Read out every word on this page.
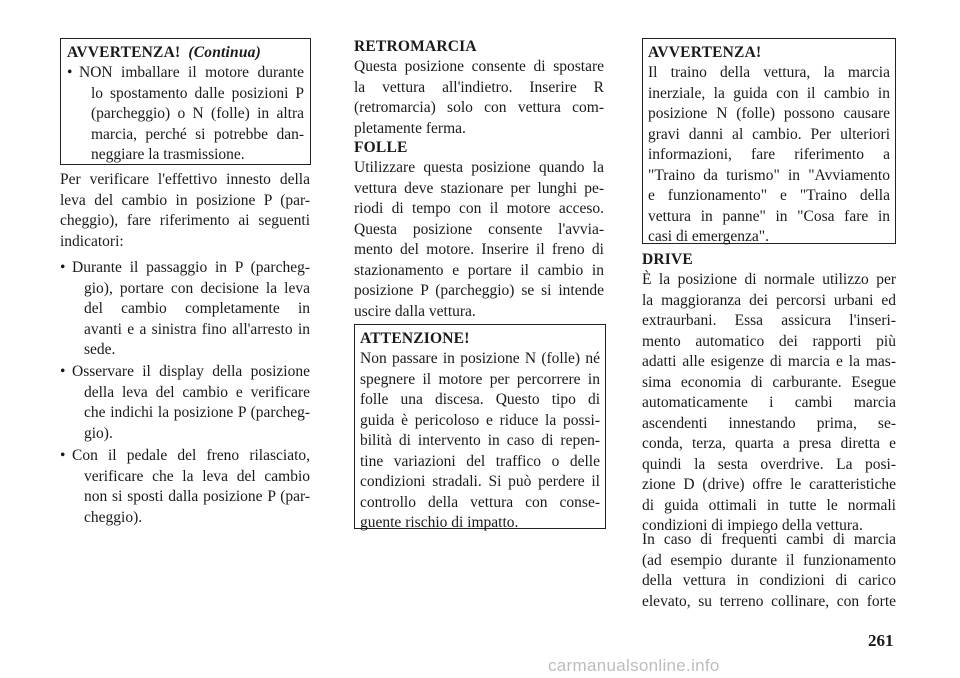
AVVERTENZA! (Continua)
• NON imballare il motore durante
lo spostamento dalle posizioni P
(parcheggio) o N (folle) in altra
marcia, perché si potrebbe dan-
neggiare la trasmissione.
Per verificare l'effettivo innesto della
leva del cambio in posizione P (par-
cheggio), fare riferimento ai seguenti
indicatori:
• Durante il passaggio in P (parcheg-
gio), portare con decisione la leva
del cambio completamente in
avanti e a sinistra fino all'arresto in
sede.
• Osservare il display della posizione
della leva del cambio e verificare
che indichi la posizione P (parcheg-
gio).
• Con il pedale del freno rilasciato,
verificare che la leva del cambio
non si sposti dalla posizione P (par-
cheggio).
RETROMARCIA
Questa posizione consente di spostare
la vettura all'indietro. Inserire R
(retromarcia) solo con vettura com-
pletamente ferma.
FOLLE
Utilizzare questa posizione quando la
vettura deve stazionare per lunghi pe-
riodi di tempo con il motore acceso.
Questa posizione consente l'avvia-
mento del motore. Inserire il freno di
stazionamento e portare il cambio in
posizione P (parcheggio) se si intende
uscire dalla vettura.
ATTENZIONE!
Non passare in posizione N (folle) né
spegnere il motore per percorrere in
folle una discesa. Questo tipo di
guida è pericoloso e riduce la possi-
bilità di intervento in caso di repen-
tine variazioni del traffico o delle
condizioni stradali. Si può perdere il
controllo della vettura con conse-
guente rischio di impatto.
AVVERTENZA!
Il traino della vettura, la marcia
inerziale, la guida con il cambio in
posizione N (folle) possono causare
gravi danni al cambio. Per ulteriori
informazioni, fare riferimento a
"Traino da turismo" in "Avviamento
e funzionamento" e "Traino della
vettura in panne" in "Cosa fare in
casi di emergenza".
DRIVE
È la posizione di normale utilizzo per
la maggioranza dei percorsi urbani ed
extraurbani. Essa assicura l'inseri-
mento automatico dei rapporti più
adatti alle esigenze di marcia e la mas-
sima economia di carburante. Esegue
automaticamente i cambi marcia
ascendenti innestando prima, se-
conda, terza, quarta a presa diretta e
quindi la sesta overdrive. La posi-
zione D (drive) offre le caratteristiche
di guida ottimali in tutte le normali
condizioni di impiego della vettura.
In caso di frequenti cambi di marcia
(ad esempio durante il funzionamento
della vettura in condizioni di carico
elevato, su terreno collinare, con forte
261
carmanualsonline.info
